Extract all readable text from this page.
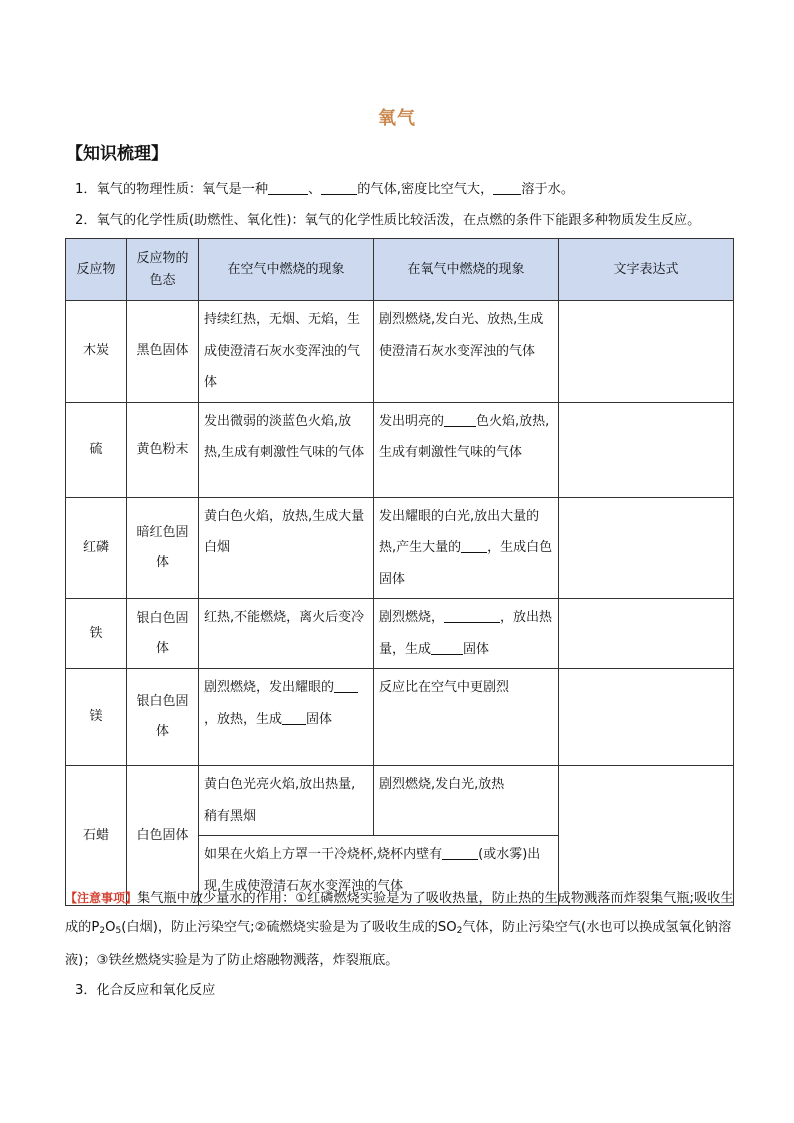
氧气
【知识梳理】
1．氧气的物理性质：氧气是一种	、	的气体,密度比空气大， 溶于水。
2．氧气的化学性质(助燃性、氧化性)：氧气的化学性质比较活泼，在点燃的条件下能跟多种物质发生反应。
反应物	反应物的色态	在空气中燃烧的现象	在氧气中燃烧的现象	文字表达式
木炭	黑色固体	持续红热，无烟、无焰，生成使澄清石灰水变浑浊的气体	剧烈燃烧,发白光、放热,生成使澄清石灰水变浑浊的气体	
硫	黄色粉末	发出微弱的淡蓝色火焰,放热,生成有刺激性气味的气体	发出明亮的 色火焰,放热,生成有刺激性气味的气体	
红磷	暗红色固体	黄白色火焰，放热,生成大量白烟	发出耀眼的白光,放出大量的热,产生大量的 ，生成白色固体	
铁	银白色固体	红热,不能燃烧，离火后变冷	剧烈燃烧， ，放出热量，生成 固体	
镁	银白色固体	剧烈燃烧，发出耀眼的，放热，生成 固体	反应比在空气中更剧烈	
石蜡	白色固体	黄白色光亮火焰,放出热量,稍有黑烟	剧烈燃烧,发白光,放热	
		如果在火焰上方罩一干冷烧杯,烧杯内壁有 (或水雾)出现,生成使澄清石灰水变浑浊的气体		
【注意事项】集气瓶中放少量水的作用：①红磷燃烧实验是为了吸收热量，防止热的生成物溅落而炸裂集气瓶;吸收生成的$P_2O_5$(白烟)，防止污染空气;②硫燃烧实验是为了吸收生成的$SO_2$气体，防止污染空气(水也可以换成氢氧化钠溶液)；③铁丝燃烧实验是为了防止熔融物溅落，炸裂瓶底。
3．化合反应和氧化反应
